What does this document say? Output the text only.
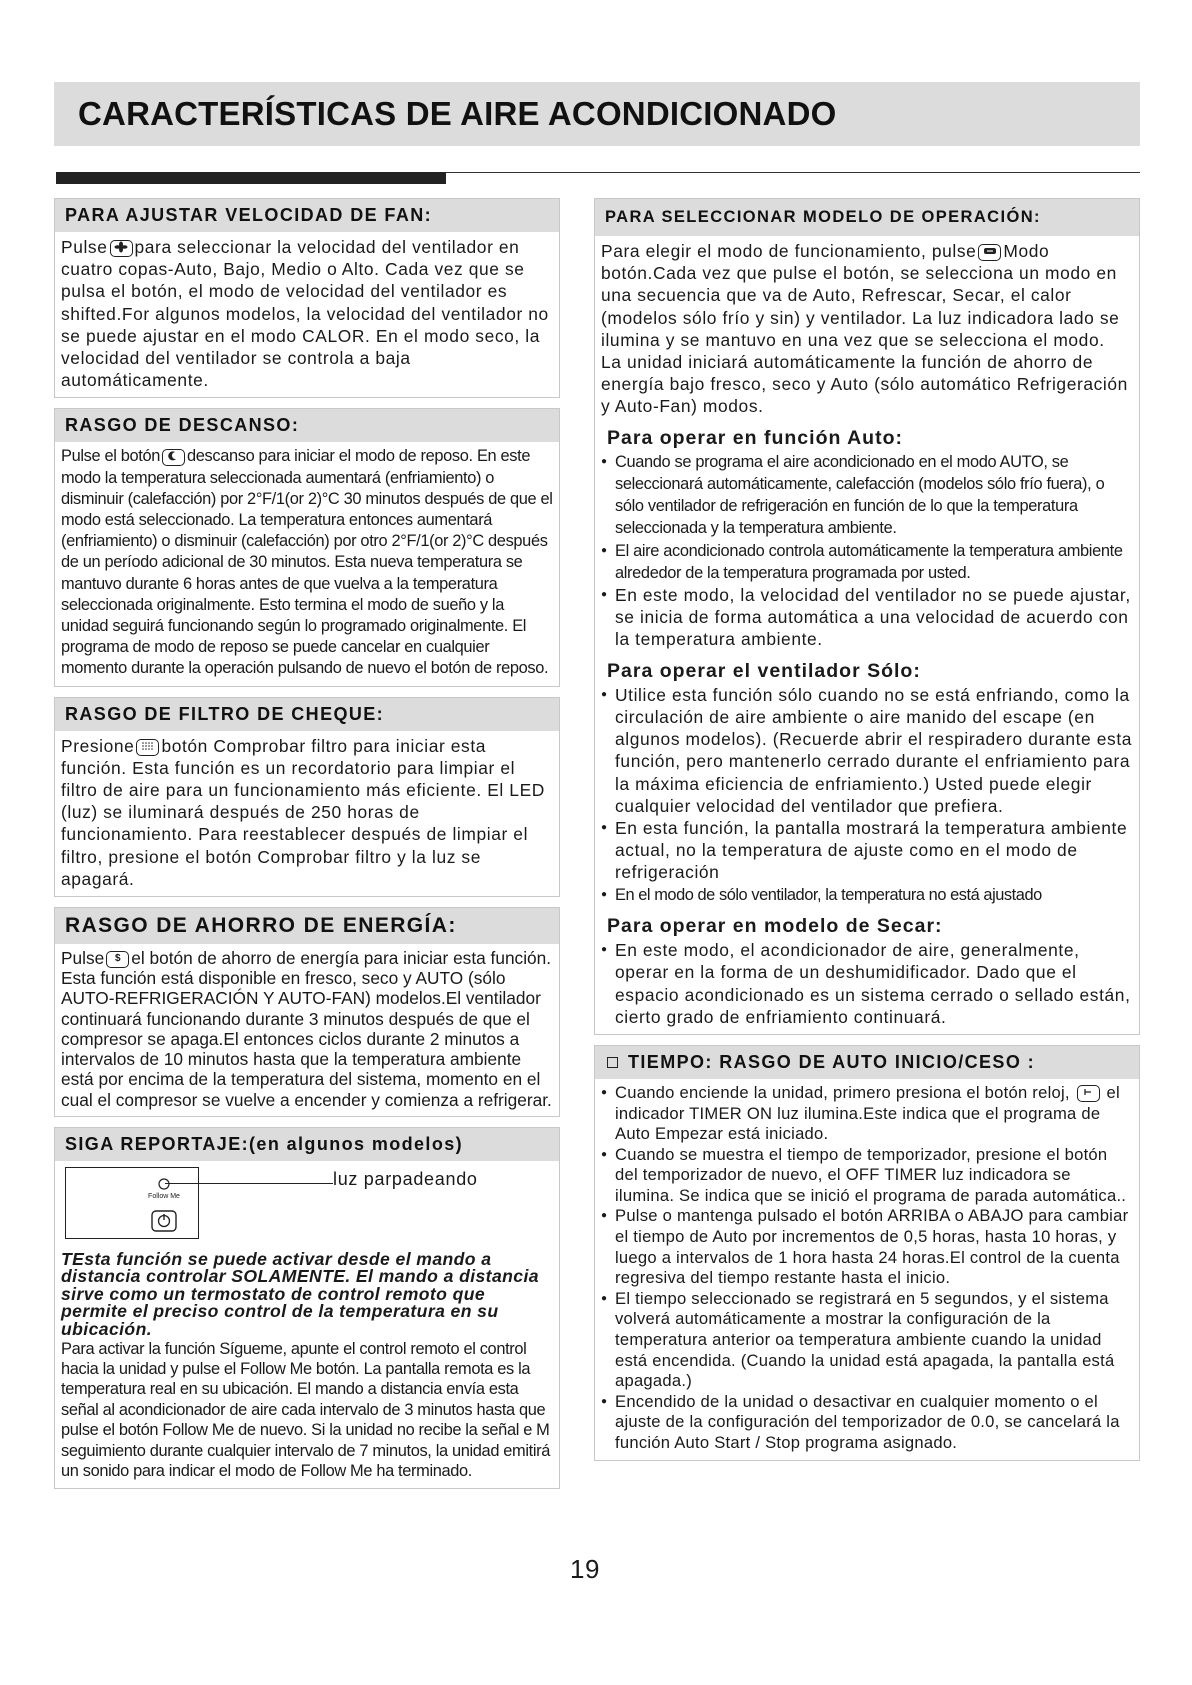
CARACTERÍSTICAS DE AIRE ACONDICIONADO
PARA AJUSTAR VELOCIDAD DE FAN:

Pulse para seleccionar la velocidad del ventilador en cuatro copas-Auto, Bajo, Medio o Alto. Cada vez que se pulsa el botón, el modo de velocidad del ventilador es shifted.For algunos modelos, la velocidad del ventilador no se puede ajustar en el modo CALOR. En el modo seco, la velocidad del ventilador se controla a baja automáticamente.

RASGO DE DESCANSO:

Pulse el botón descanso para iniciar el modo de reposo. En este modo la temperatura seleccionada aumentará (enfriamiento) o disminuir (calefacción) por 2°F/1(or 2)°C 30 minutos después de que el modo está seleccionado. La temperatura entonces aumentará (enfriamiento) o disminuir (calefacción) por otro 2°F/1(or 2)°C después de un período adicional de 30 minutos. Esta nueva temperatura se mantuvo durante 6 horas antes de que vuelva a la temperatura seleccionada originalmente. Esto termina el modo de sueño y la unidad seguirá funcionando según lo programado originalmente. El programa de modo de reposo se puede cancelar en cualquier momento durante la operación pulsando de nuevo el botón de reposo.

RASGO DE FILTRO DE CHEQUE:

Presione botón Comprobar filtro para iniciar esta función. Esta función es un recordatorio para limpiar el filtro de aire para un funcionamiento más eficiente. El LED (luz) se iluminará después de 250 horas de funcionamiento. Para reestablecer después de limpiar el filtro, presione el botón Comprobar filtro y la luz se apagará.

RASGO DE AHORRO DE ENERGÍA:

Pulse $ el botón de ahorro de energía para iniciar esta función. Esta función está disponible en fresco, seco y AUTO (sólo AUTO-REFRIGERACIÓN Y AUTO-FAN) modelos.El ventilador continuará funcionando durante 3 minutos después de que el compresor se apaga.El entonces ciclos durante 2 minutos a intervalos de 10 minutos hasta que la temperatura ambiente está por encima de la temperatura del sistema, momento en el cual el compresor se vuelve a encender y comienza a refrigerar.

SIGA REPORTAJE:(en algunos modelos)
Follow Me
luz parpadeando
TEsta función se puede activar desde el mando a distancia controlar SOLAMENTE. El mando a distancia sirve como un termostato de control remoto que permite el preciso control de la temperatura en su ubicación.

Para activar la función Sígueme, apunte el control remoto el control hacia la unidad y pulse el Follow Me botón. La pantalla remota es la temperatura real en su ubicación. El mando a distancia envía esta señal al acondicionador de aire cada intervalo de 3 minutos hasta que pulse el botón Follow Me de nuevo. Si la unidad no recibe la señal e M seguimiento durante cualquier intervalo de 7 minutos, la unidad emitirá un sonido para indicar el modo de Follow Me ha terminado.

PARA SELECCIONAR MODELO DE OPERACIÓN:

Para elegir el modo de funcionamiento, pulse Modo botón.Cada vez que pulse el botón, se selecciona un modo en una secuencia que va de Auto, Refrescar, Secar, el calor (modelos sólo frío y sin) y ventilador. La luz indicadora lado se ilumina y se mantuvo en una vez que se selecciona el modo.

La unidad iniciará automáticamente la función de ahorro de energía bajo fresco, seco y Auto (sólo automático Refrigeración y Auto-Fan) modos.

Para operar en función Auto:
● Cuando se programa el aire acondicionado en el modo AUTO, se seleccionará automáticamente, calefacción (modelos sólo frío fuera), o sólo ventilador de refrigeración en función de lo que la temperatura seleccionada y la temperatura ambiente.
● El aire acondicionado controla automáticamente la temperatura ambiente alrededor de la temperatura programada por usted.
● En este modo, la velocidad del ventilador no se puede ajustar, se inicia de forma automática a una velocidad de acuerdo con la temperatura ambiente.
Para operar el ventilador Sólo:
● Utilice esta función sólo cuando no se está enfriando, como la circulación de aire ambiente o aire manido del escape (en algunos modelos). (Recuerde abrir el respiradero durante esta función, pero mantenerlo cerrado durante el enfriamiento para la máxima eficiencia de enfriamiento.) Usted puede elegir cualquier velocidad del ventilador que prefiera.
● En esta función, la pantalla mostrará la temperatura ambiente actual, no la temperatura de ajuste como en el modo de refrigeración
● En el modo de sólo ventilador, la temperatura no está ajustado
Para operar en modelo de Secar:
● En este modo, el acondicionador de aire, generalmente, operar en la forma de un deshumidificador. Dado que el espacio acondicionado es un sistema cerrado o sellado están, cierto grado de enfriamiento continuará.
TIEMPO: RASGO DE AUTO INICIO/CESO :
● Cuando enciende la unidad, primero presiona el botón reloj, el indicador TIMER ON luz ilumina.Este indica que el programa de Auto Empezar está iniciado.
● Cuando se muestra el tiempo de temporizador, presione el botón del temporizador de nuevo, el OFF TIMER luz indicadora se ilumina. Se indica que se inició el programa de parada automática..
● Pulse o mantenga pulsado el botón ARRIBA o ABAJO para cambiar el tiempo de Auto por incrementos de 0,5 horas, hasta 10 horas, y luego a intervalos de 1 hora hasta 24 horas.El control de la cuenta regresiva del tiempo restante hasta el inicio.
● El tiempo seleccionado se registrará en 5 segundos, y el sistema volverá automáticamente a mostrar la configuración de la temperatura anterior oa temperatura ambiente cuando la unidad está encendida. (Cuando la unidad está apagada, la pantalla está apagada.)
● Encendido de la unidad o desactivar en cualquier momento o el ajuste de la configuración del temporizador de 0.0, se cancelará la función Auto Start / Stop programa asignado.
19
